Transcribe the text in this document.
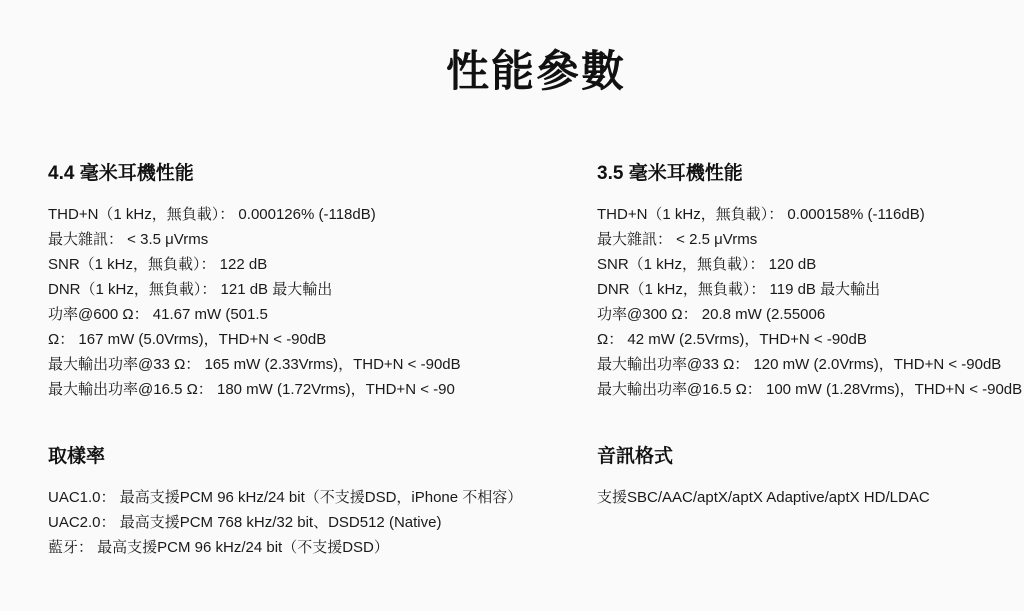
性能參數
4.4 毫米耳機性能

THD+N（1 kHz，無負載）： 0.000126% (-118dB)

最大雜訊： < 3.5 μVrms

SNR（1 kHz，無負載）： 122 dB

DNR（1 kHz，無負載）： 121 dB 最大輸出

功率@600 Ω： 41.67 mW (501.5

Ω： 167 mW (5.0Vrms)，THD+N < -90dB

最大輸出功率@33 Ω： 165 mW (2.33Vrms)，THD+N < -90dB

最大輸出功率@16.5 Ω： 180 mW (1.72Vrms)，THD+N < -90

3.5 毫米耳機性能

THD+N（1 kHz，無負載）： 0.000158% (-116dB)

最大雜訊： < 2.5 μVrms

SNR（1 kHz，無負載）： 120 dB

DNR（1 kHz，無負載）： 119 dB 最大輸出

功率@300 Ω： 20.8 mW (2.55006

Ω： 42 mW (2.5Vrms)，THD+N < -90dB

最大輸出功率@33 Ω： 120 mW (2.0Vrms)，THD+N < -90dB

最大輸出功率@16.5 Ω： 100 mW (1.28Vrms)，THD+N < -90dB

取樣率

UAC1.0： 最高支援PCM 96 kHz/24 bit（不支援DSD，iPhone 不相容）

UAC2.0： 最高支援PCM 768 kHz/32 bit、DSD512 (Native)

藍牙： 最高支援PCM 96 kHz/24 bit（不支援DSD）

音訊格式

支援SBC/AAC/aptX/aptX Adaptive/aptX HD/LDAC
